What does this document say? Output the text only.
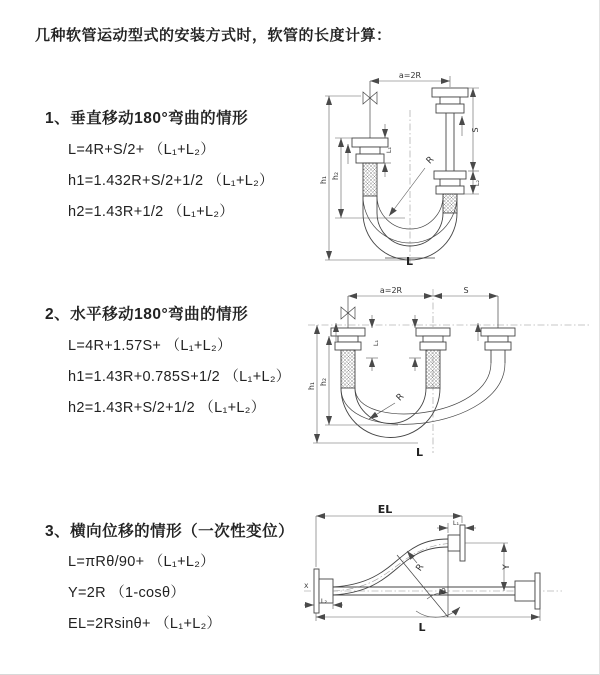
几种软管运动型式的安装方式时，软管的长度计算：
1、垂直移动180°弯曲的情形
L=4R+S/2+ （L₁+L₂）
h1=1.432R+S/2+1/2 （L₁+L₂）
h2=1.43R+1/2 （L₁+L₂）
a=2R
h₁ h₂
L₁
S
L₂
R
L
2、水平移动180°弯曲的情形
L=4R+1.57S+ （L₁+L₂）
h1=1.43R+0.785S+1/2 （L₁+L₂）
h2=1.43R+S/2+1/2 （L₁+L₂）
a=2R	S
h₁ h₂
L₁
R
L
3、横向位移的情形（一次性变位）
L=πRθ/90+ （L₁+L₂）
Y=2R （1-cosθ）
EL=2Rsinθ+ （L₁+L₂）
X
EL
L₁
Y
θ
R
L₂
L
